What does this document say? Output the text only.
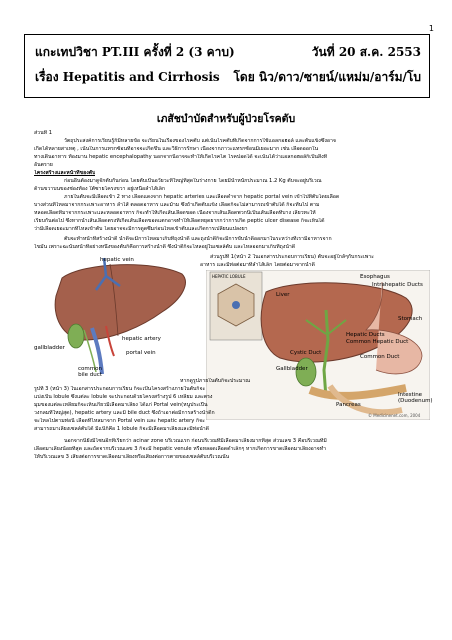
1
แกะเทปวิชา PT.III ครั้งที่ 2 (3 คาบ)	วันที่ 20 ส.ค. 2553
เรื่อง Hepatitis and Cirrhosis โดย นิว/ดาว/ซายน์/แหม่ม/อาร์ม/โบ
เภสัชบำบัดสำหรับผู้ป่วยโรคตับ
ส่วนที่ 1
วัตถุประสงค์การเรียนรู้ก็มีหลายข้อ จะเรียนในเรื่องของโรคตับ แต่เน้นโรคตับที่เกิดจากการใช้แอลกอฮอล์ และตับแข็งซึ่งอาจ
เกิดได้หลายสาเหตุ , เน้นในการแทรกซ้อนที่อาจจะเกิดขึ้น และวิธีการรักษา เนื่องจากภาวะแทรกซ้อนมีเยอะมาก เช่น เลือดออกใน
ทางเดินอาหาร ท้องมาน hepatic encephalopathy นอกจากนี้อาจจะทำให้เกิดโรคไต โรคปอดได้ จะเน้นได้ว่าแอลกอฮอล์ก็เป็นสิ่งที่
อันตราย
โครงสร้างและหน้าที่ของตับ
ก่อนอื่นต้องมาดูจักตับกันก่อน โดยตับเป็นอวัยวะที่ใหญ่ที่สุดในร่างกาย โดยมีน้ำหนักประมาณ 1.2 Kg ตับจะอยู่บริเวณ
ด้านขวาบนของช่องท้อง ใต้ซายโครงขวา อยู่เหนือลำไส้เล็ก
ภายในตับจะมีเลือดเข้า 2 ทาง เลือดแดงจาก hepatic arteries และเลือดดำจาก hepatic portal vein เข้าไปที่ตับโดยเลือด
บางส่วนที่ไหลมาจากกระเพาะอาหาร ลำไส้ ตลอดอาหาร และม้าม ซึ่งถ้าเกิดตับแข็ง เลือดก็จะไม่สามารถเข้าตับได้ ก็จะทันไป ตาม
หลอดเลือดที่มาจากกระเพาะและหลอดอาหาร ก็จะทำให้เกิดเส้นเลือดขอด เนื่องจากเส้นเลือดพวกนี้เป็นเส้นเลือดที่บาง เลี้ยวทะให้
เรียบกันต่อไป ซึ่งหากนำเส้นเลือดตรงที่เกิดเส้นเลือดขอดแตกอาจทำให้เลือดหยุดยากกว่าการเกิด peptic ulcer disease ก็จะเห็นได้
ว่ามีเลือดเยอะมากที่ไหลเข้าตับ โดยอาจจะมีการดูดซึมก่อนไหลเข้าตับและเกิดการเปลี่ยนแปลงยา
ตับจะทำหน้าที่สร้างน้ำดี น้ำดีจะมีการไหลมาเก็บที่ถุงน้ำดี และถุงน้ำดีก็จะมีการขับน้ำดีออกมาในระหว่างที่เรามีอาหารจาก
ไขมัน เพราะฉะนั้นหน้าที่อย่างหนึ่งของตับก็คือการสร้างน้ำดี ซึ่งน้ำดีก็จะไหลอยู่ในเซลล์ตับ และไหลออกมาเก็บที่ถุงน้ำดี
ส่วนรูปที่ 1(หน้า 2 ในเอกสารประกอบการเรียน) ตับจะอยู่ใกล้ๆกับกระเพาะ
อาหาร และมีท่อต่อมาที่ลำไส้เล็ก โดยต่อมาจากน้ำดี
hepatic vein
hepatic artery
gallbladder
portal vein
common
bile duct
HEPATIC LOBULE	Esophagus
Intrahepatic Ducts
Liver
Stomach
Hepatic Ducts
Common Hepatic Duct
Cystic Duct
Common Duct
Gallbladder
Pancreas
Intestine
(Duodenum)
© Medicinenet.com, 2004
หากดูรูปภายในตับก็จะประมาณ
รูปที่ 3 (หน้า 3) ในเอกสารประกอบการเรียน ก็จะเป็นโครงสร้างภายในตับก็จะ
แบ่งเป็น lobule ซึ่งแต่ละ lobule จะประกอบด้วยโครงสร้างรูป 6 เหลี่ยม และตรง
มุมของแต่ละเหลี่ยมก็จะเห็นเกี่ยวมีเลือดมาเลี้ยง ได้แก่ Portal vein(หนูประเปิน
วงกลมที่ใหญ่สุด), hepatic artery และมี bile duct ซึ่งถ้าเอาต่อมีการสร้างน้ำดีก
จะไหลไปตามท่อนี้ เลือดที่ไหลมาจาก Portal vein และ hepatic artery ก็จะ
สามารถมาเลี้ยงเซลล์ตับได้ มีแนี้ก็คือ 1 lobule ก็จะมีเลือดมาเลี้ยงและมีท่อน้ำดี
นอกจากนี้ยังมีโซนอีกที่เรียกว่า acinar zone บริเวณแรก ก่อนบริเวณที่มีเลือดมาเลี้ยงมากที่สุด ส่วนเลข 3 คือบริเวณที่มี
เลือดมาเลี้ยงน้อยที่สุด และถัดจากบริเวณเลข 3 ก็จะมี hepatic venule หรือหลอดเลือดดำเล็กๆ หากเกิดการขาดเลือดมาเลี้ยงอาจทำ
ให้บริเวณเลข 3 เสี่ยงต่อการขาดเลือดมาเลี้ยงหรือเสี่ยงต่อการตายของเซลล์ตับบริเวณนั้น
